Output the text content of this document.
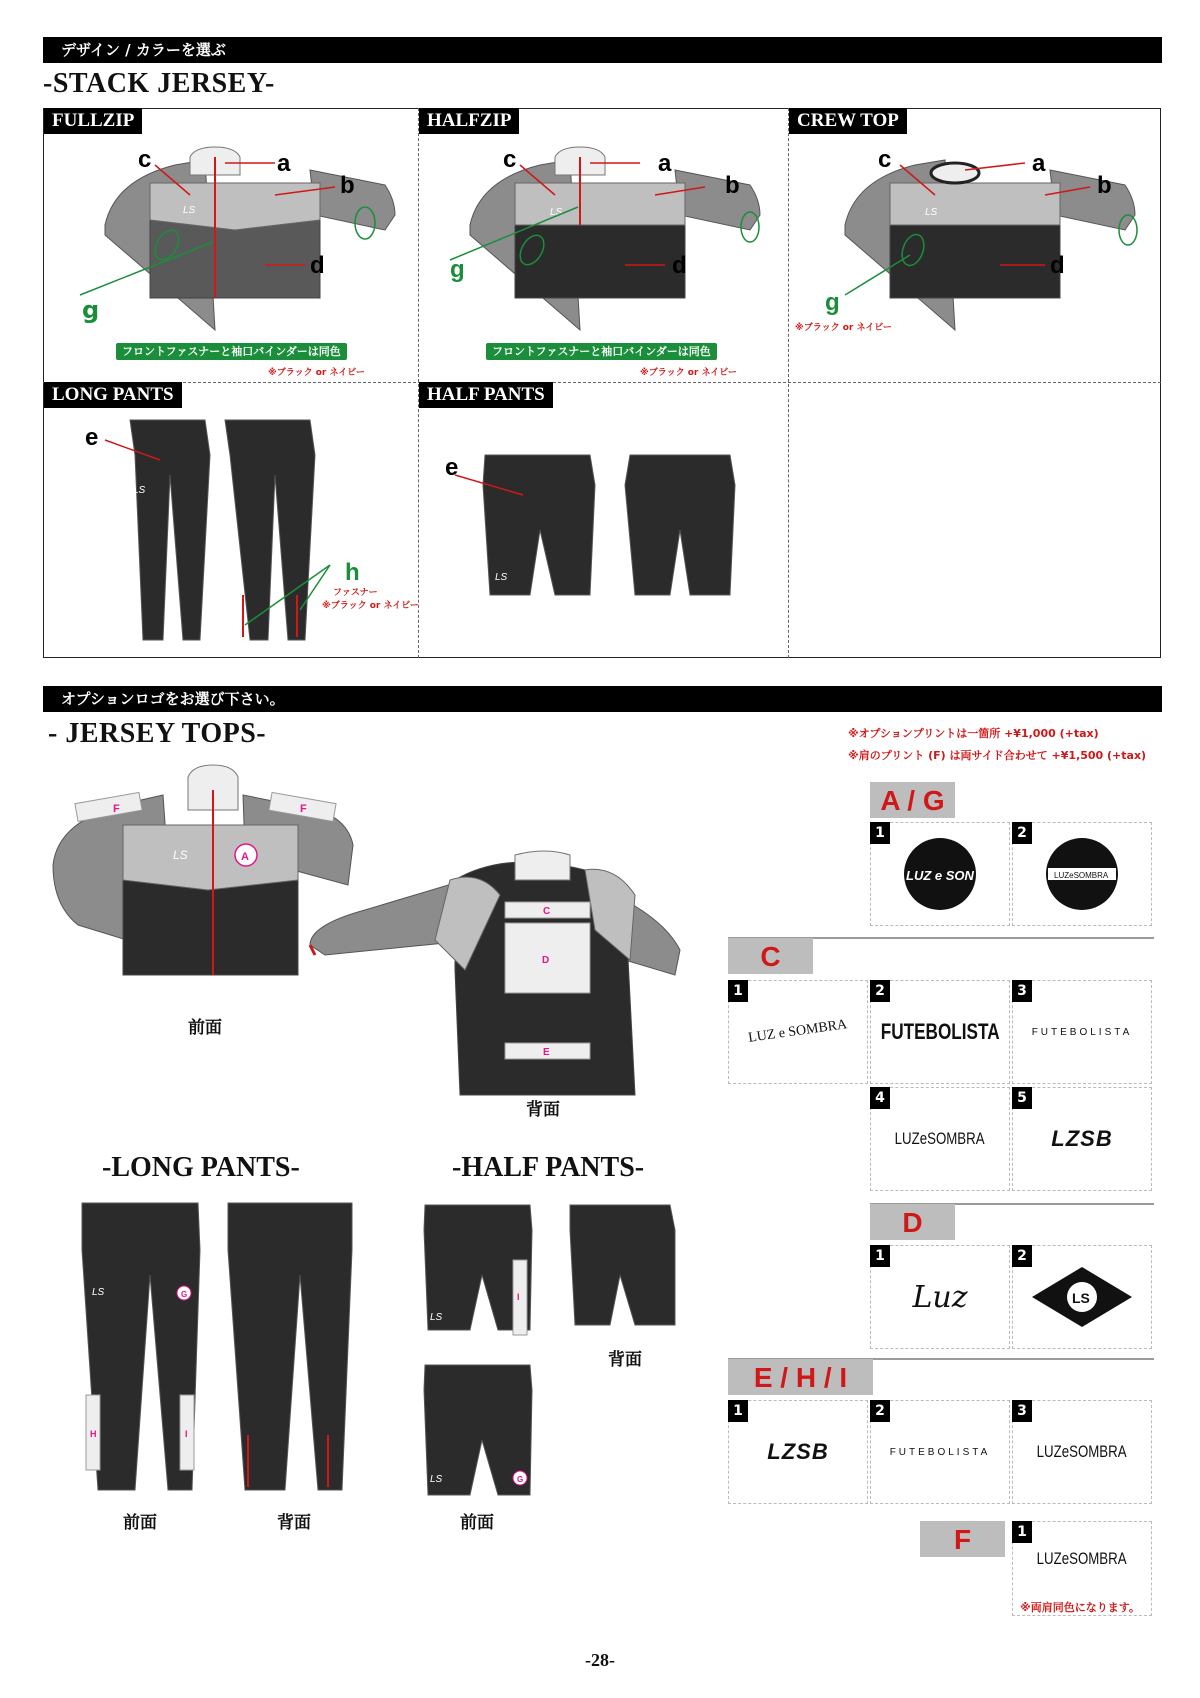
デザイン / カラーを選ぶ
-STACK JERSEY-
FULLZIP	HALFZIP	CREW TOP
LONG PANTS	HALF PANTS
LS
a
b
c
d
g
フロントファスナーと袖口バインダーは同色
※ブラック or ネイビー
LS
a
b
c
d
g
フロントファスナーと袖口バインダーは同色
※ブラック or ネイビー
LS
a
b
c
d
g
※ブラック or ネイビー
LS
e
h
ファスナー
※ブラック or ネイビー
LS
e
オプションロゴをお選び下さい。
- JERSEY TOPS-	※オプションプリントは一箇所 +¥1,000 (+tax)
※肩のプリント (F) は両サイド合わせて +¥1,500 (+tax)
F	F
LS	A
前面
C
D
E
背面
-LONG PANTS-	-HALF PANTS-
LS	G
H	I
前面	背面
I
LS
LS	G
背面
前面
A / G
1
LUZ e SON
2
LUZeSOMBRA
C
1
LUZ e SOMBRA
2
FUTEBOLISTA
3
FUTEBOLISTA
4
LUZeSOMBRA
5
LZSB
D
1
Luz
2
LS
E / H / I
1
LZSB
2
FUTEBOLISTA
3
LUZeSOMBRA
F	1
LUZeSOMBRA
※両肩同色になります。
-28-
